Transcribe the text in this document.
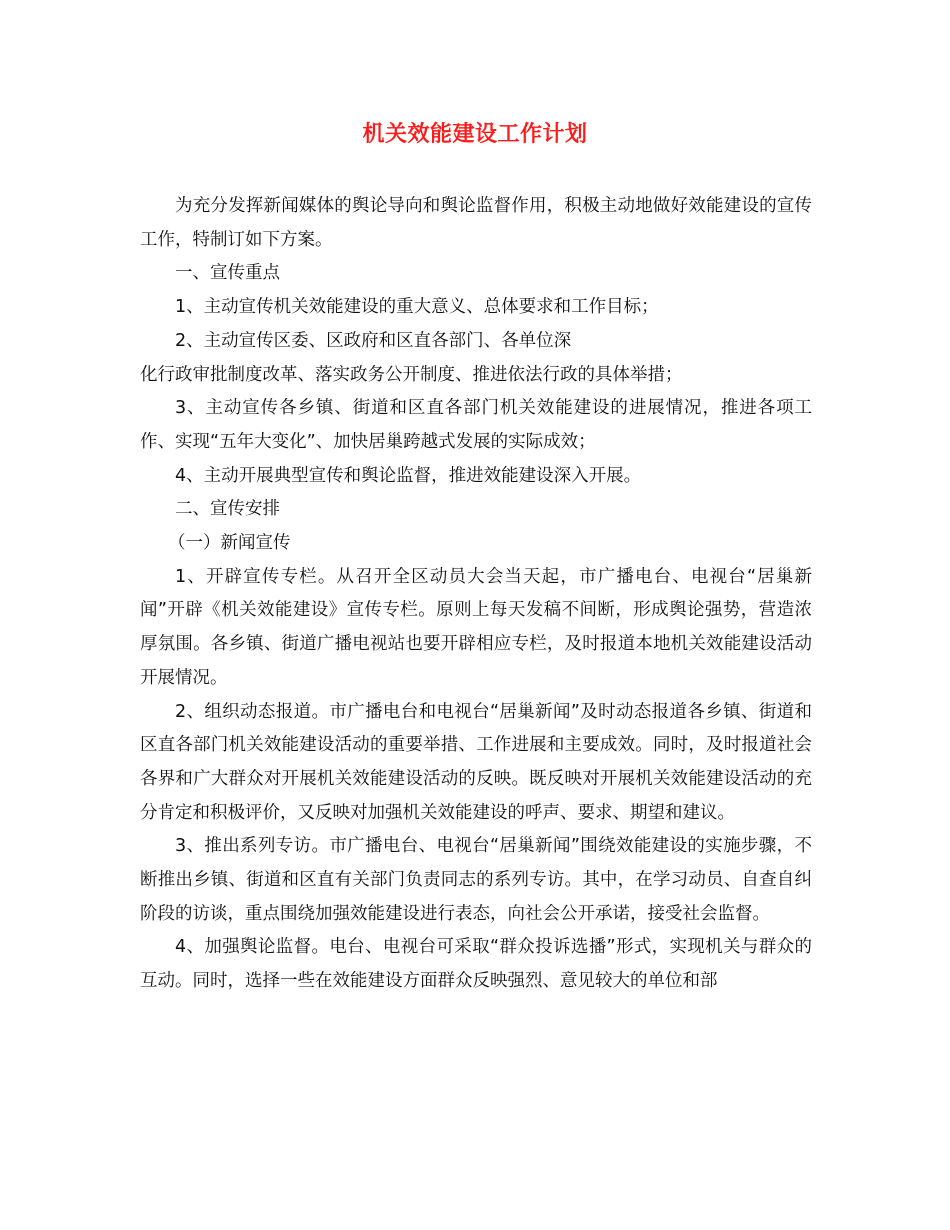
机关效能建设工作计划

为充分发挥新闻媒体的舆论导向和舆论监督作用，积极主动地做好效能建设的宣传工作，特制订如下方案。

一、宣传重点

1、主动宣传机关效能建设的重大意义、总体要求和工作目标；

2、主动宣传区委、区政府和区直各部门、各单位深

化行政审批制度改革、落实政务公开制度、推进依法行政的具体举措；

3、主动宣传各乡镇、街道和区直各部门机关效能建设的进展情况，推进各项工作、实现“五年大变化”、加快居巢跨越式发展的实际成效；

4、主动开展典型宣传和舆论监督，推进效能建设深入开展。

二、宣传安排

（一）新闻宣传

1、开辟宣传专栏。从召开全区动员大会当天起，市广播电台、电视台“居巢新闻”开辟《机关效能建设》宣传专栏。原则上每天发稿不间断，形成舆论强势，营造浓厚氛围。各乡镇、街道广播电视站也要开辟相应专栏，及时报道本地机关效能建设活动开展情况。

2、组织动态报道。市广播电台和电视台“居巢新闻”及时动态报道各乡镇、街道和区直各部门机关效能建设活动的重要举措、工作进展和主要成效。同时，及时报道社会各界和广大群众对开展机关效能建设活动的反映。既反映对开展机关效能建设活动的充分肯定和积极评价，又反映对加强机关效能建设的呼声、要求、期望和建议。

3、推出系列专访。市广播电台、电视台“居巢新闻”围绕效能建设的实施步骤，不断推出乡镇、街道和区直有关部门负责同志的系列专访。其中，在学习动员、自查自纠阶段的访谈，重点围绕加强效能建设进行表态，向社会公开承诺，接受社会监督。

4、加强舆论监督。电台、电视台可采取“群众投诉选播”形式，实现机关与群众的互动。同时，选择一些在效能建设方面群众反映强烈、意见较大的单位和部
